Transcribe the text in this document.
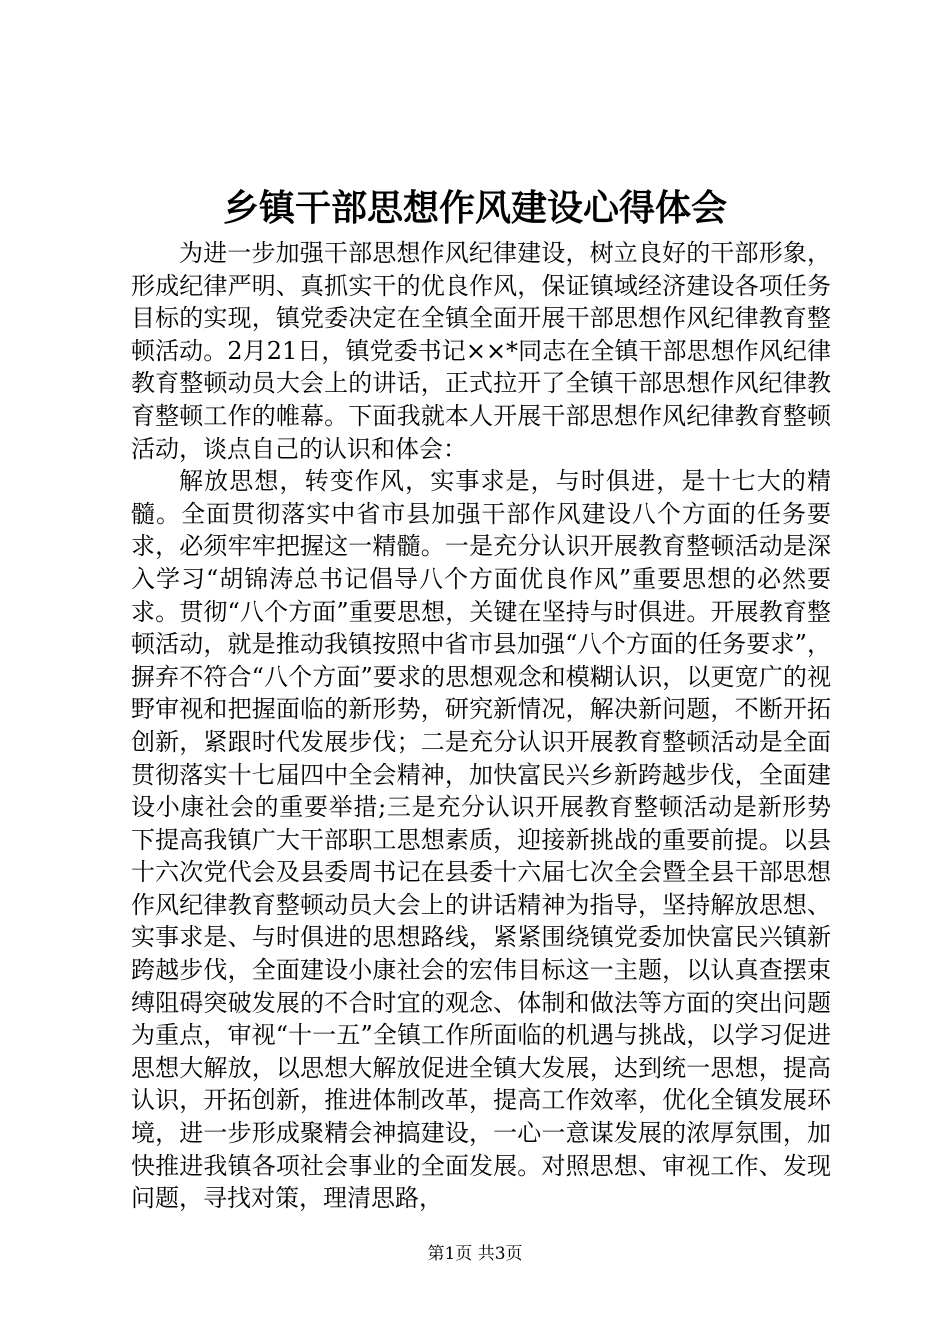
乡镇干部思想作风建设心得体会

为进一步加强干部思想作风纪律建设，树立良好的干部形象，形成纪律严明、真抓实干的优良作风，保证镇域经济建设各项任务目标的实现，镇党委决定在全镇全面开展干部思想作风纪律教育整顿活动。2月21日，镇党委书记××*同志在全镇干部思想作风纪律教育整顿动员大会上的讲话，正式拉开了全镇干部思想作风纪律教育整顿工作的帷幕。下面我就本人开展干部思想作风纪律教育整顿活动，谈点自己的认识和体会：

解放思想，转变作风，实事求是，与时俱进，是十七大的精髓。全面贯彻落实中省市县加强干部作风建设八个方面的任务要求，必须牢牢把握这一精髓。一是充分认识开展教育整顿活动是深入学习“胡锦涛总书记倡导八个方面优良作风”重要思想的必然要求。贯彻“八个方面”重要思想，关键在坚持与时俱进。开展教育整顿活动，就是推动我镇按照中省市县加强“八个方面的任务要求”，摒弃不符合“八个方面”要求的思想观念和模糊认识，以更宽广的视野审视和把握面临的新形势，研究新情况，解决新问题，不断开拓创新，紧跟时代发展步伐；二是充分认识开展教育整顿活动是全面贯彻落实十七届四中全会精神，加快富民兴乡新跨越步伐，全面建设小康社会的重要举措;三是充分认识开展教育整顿活动是新形势下提高我镇广大干部职工思想素质，迎接新挑战的重要前提。以县十六次党代会及县委周书记在县委十六届七次全会暨全县干部思想作风纪律教育整顿动员大会上的讲话精神为指导，坚持解放思想、实事求是、与时俱进的思想路线，紧紧围绕镇党委加快富民兴镇新跨越步伐，全面建设小康社会的宏伟目标这一主题，以认真查摆束缚阻碍突破发展的不合时宜的观念、体制和做法等方面的突出问题为重点，审视“十一五”全镇工作所面临的机遇与挑战，以学习促进思想大解放，以思想大解放促进全镇大发展，达到统一思想，提高认识，开拓创新，推进体制改革，提高工作效率，优化全镇发展环境，进一步形成聚精会神搞建设，一心一意谋发展的浓厚氛围，加快推进我镇各项社会事业的全面发展。对照思想、审视工作、发现问题，寻找对策，理清思路，

第1页 共3页
